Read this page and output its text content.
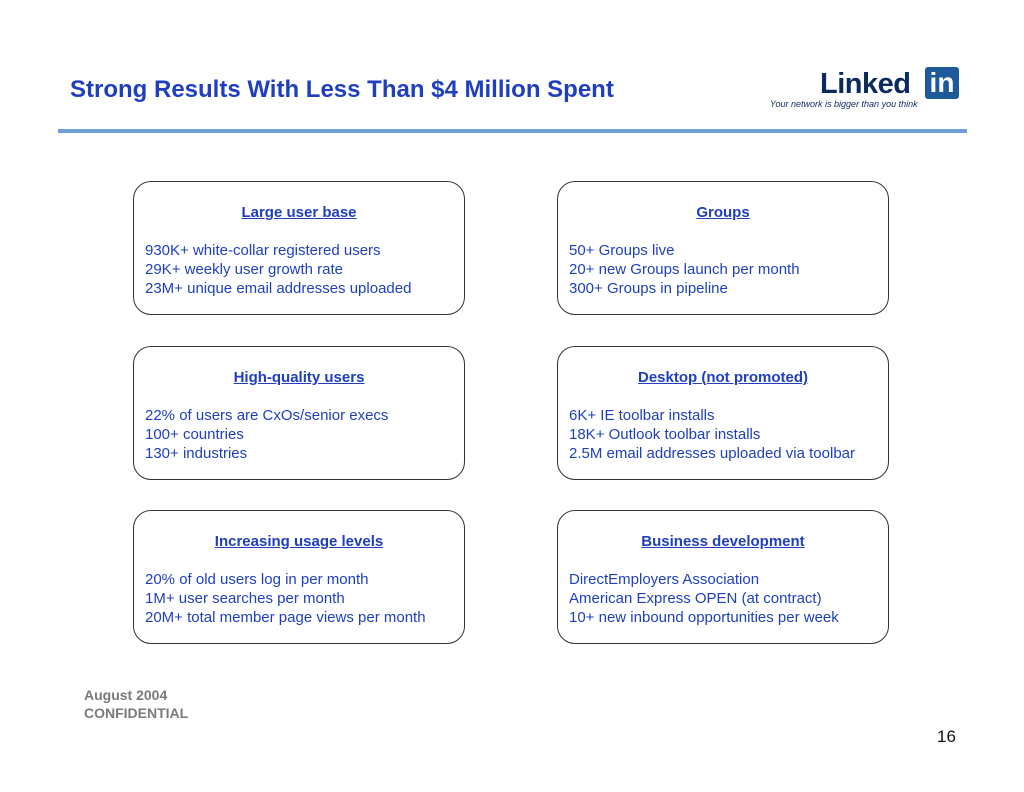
Strong Results With Less Than $4 Million Spent	Linked in
Your network is bigger than you think
Large user base
930K+ white-collar registered users
29K+ weekly user growth rate
23M+ unique email addresses uploaded
Groups
50+ Groups live
20+ new Groups launch per month
300+ Groups in pipeline
High-quality users
22% of users are CxOs/senior execs
100+ countries
130+ industries
Desktop (not promoted)
6K+ IE toolbar installs
18K+ Outlook toolbar installs
2.5M email addresses uploaded via toolbar
Increasing usage levels
20% of old users log in per month
1M+ user searches per month
20M+ total member page views per month
Business development
DirectEmployers Association
American Express OPEN (at contract)
10+ new inbound opportunities per week
August 2004
CONFIDENTIAL
16
